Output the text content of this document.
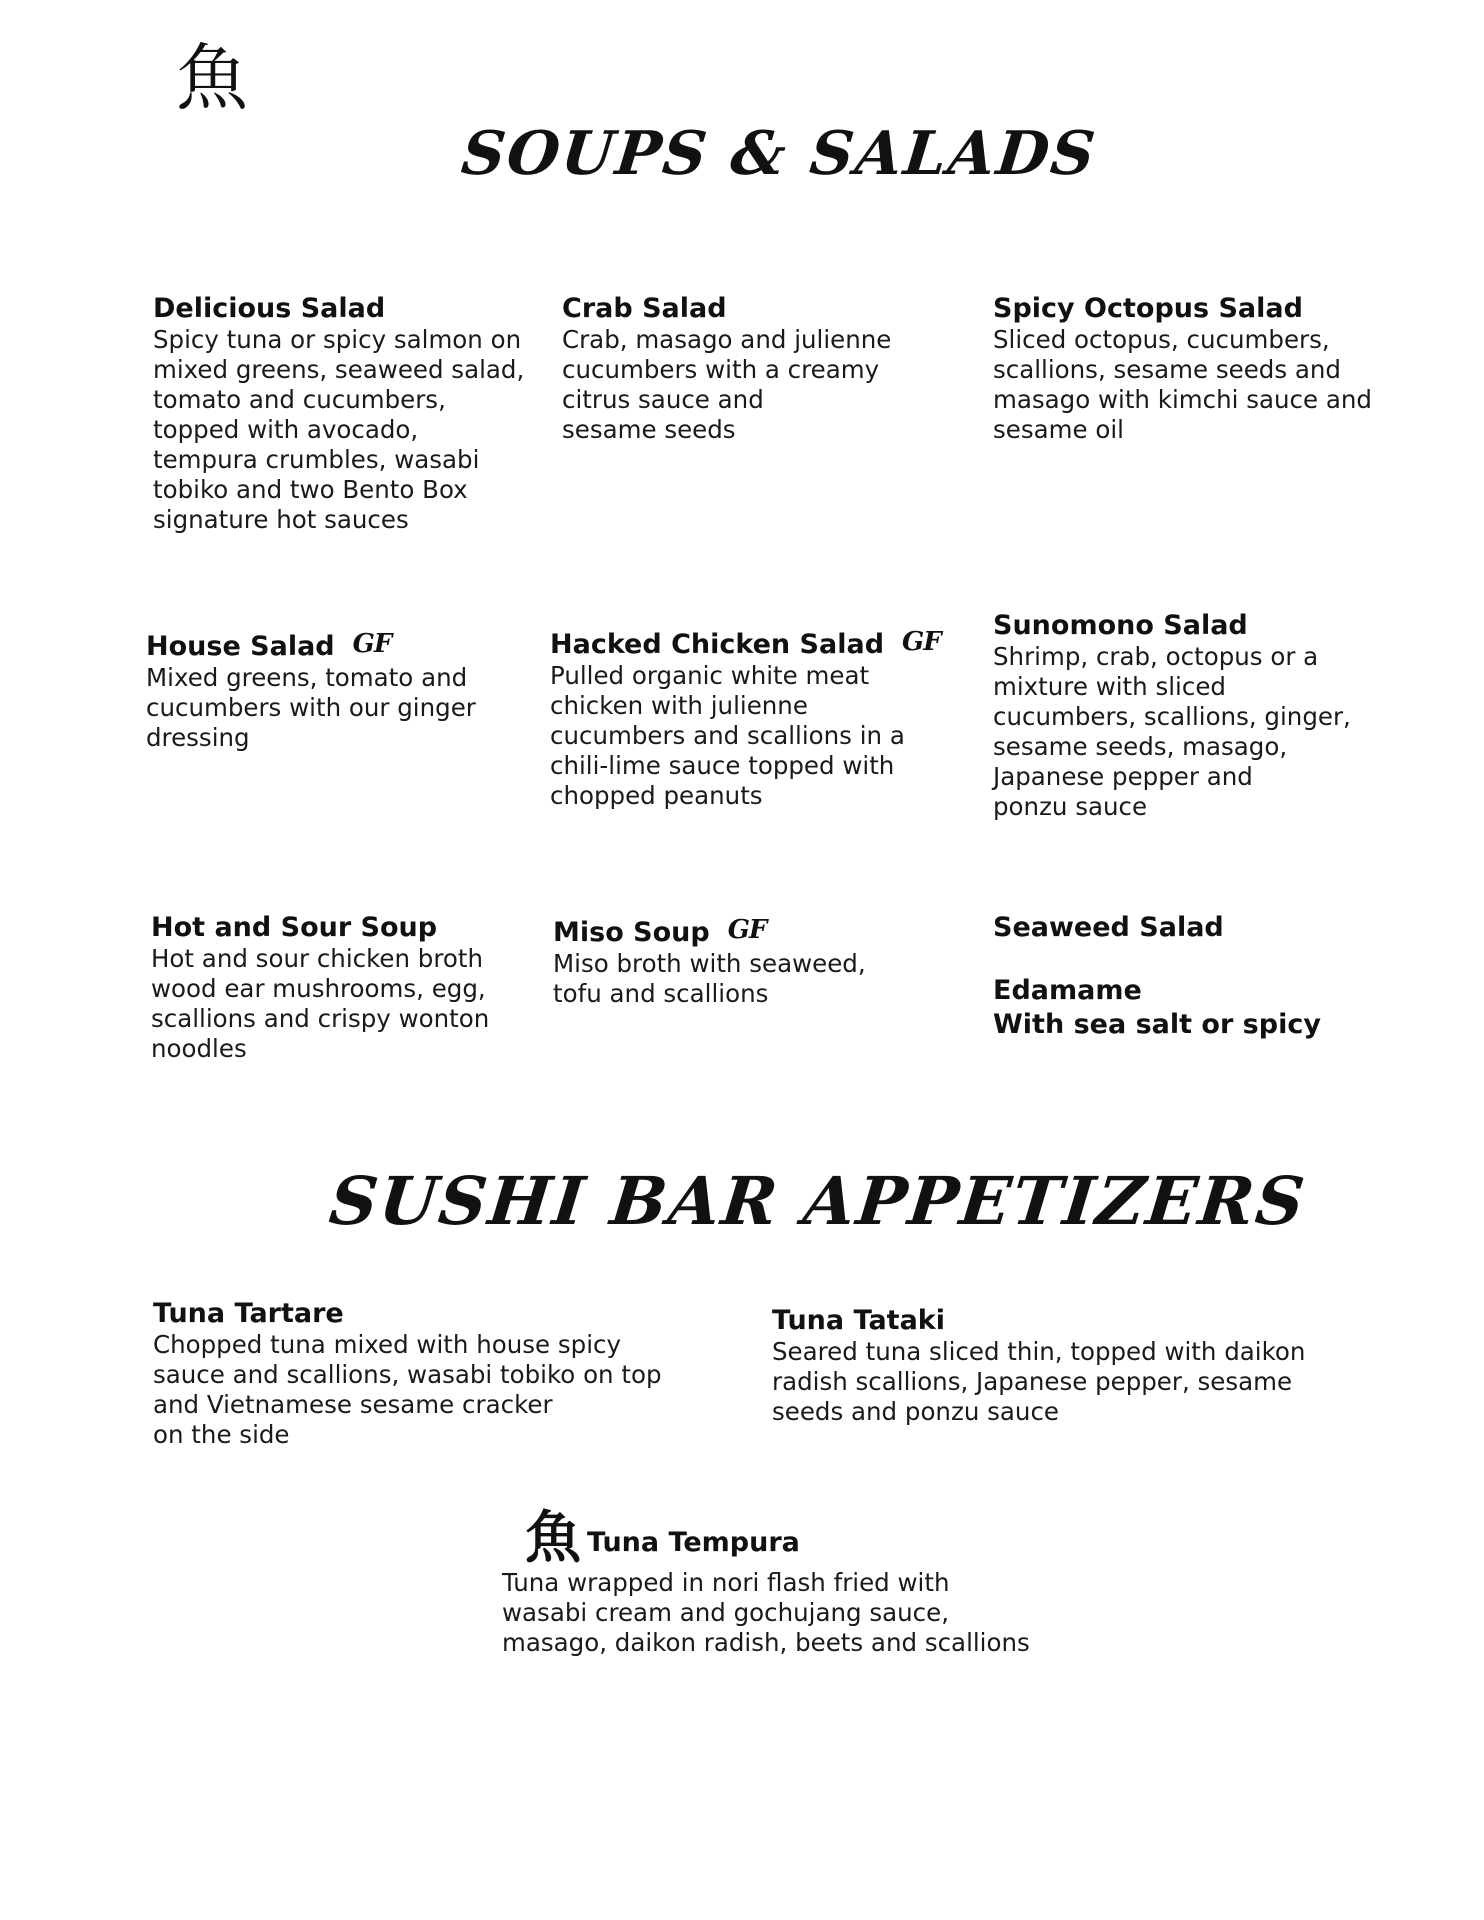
魚
SOUPS & SALADS
Delicious Salad
Spicy tuna or spicy salmon on
mixed greens, seaweed salad,
tomato and cucumbers,
topped with avocado,
tempura crumbles, wasabi
tobiko and two Bento Box
signature hot sauces
Crab Salad
Crab, masago and julienne
cucumbers with a creamy
citrus sauce and
sesame seeds
Spicy Octopus Salad
Sliced octopus, cucumbers,
scallions, sesame seeds and
masago with kimchi sauce and
sesame oil
House Salad GF
Mixed greens, tomato and
cucumbers with our ginger
dressing
Hacked Chicken Salad GF
Pulled organic white meat
chicken with julienne
cucumbers and scallions in a
chili-lime sauce topped with
chopped peanuts
Sunomono Salad
Shrimp, crab, octopus or a
mixture with sliced
cucumbers, scallions, ginger,
sesame seeds, masago,
Japanese pepper and
ponzu sauce
Hot and Sour Soup
Hot and sour chicken broth
wood ear mushrooms, egg,
scallions and crispy wonton
noodles
Miso Soup GF
Miso broth with seaweed,
tofu and scallions
Seaweed Salad
Edamame
With sea salt or spicy
SUSHI BAR APPETIZERS
Tuna Tartare
Chopped tuna mixed with house spicy
sauce and scallions, wasabi tobiko on top
and Vietnamese sesame cracker
on the side
Tuna Tataki
Seared tuna sliced thin, topped with daikon
radish scallions, Japanese pepper, sesame
seeds and ponzu sauce
魚 Tuna Tempura
Tuna wrapped in nori flash fried with
wasabi cream and gochujang sauce,
masago, daikon radish, beets and scallions
